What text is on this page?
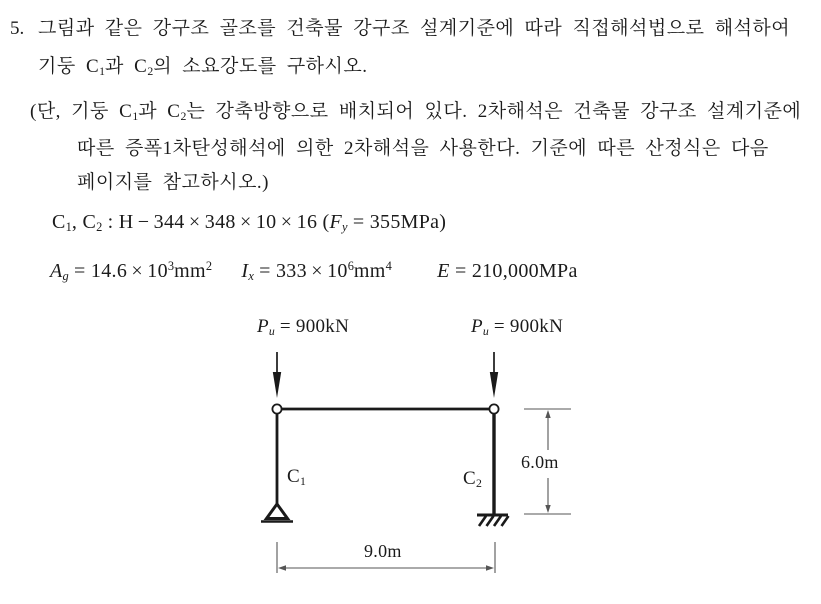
5. 그림과 같은 강구조 골조를 건축물 강구조 설계기준에 따라 직접해석법으로 해석하여
기둥 $C_1$과 $C_2$의 소요강도를 구하시오.
(단, 기둥 $C_1$과 $C_2$는 강축방향으로 배치되어 있다. 2차해석은 건축물 강구조 설계기준에
따른 증폭1차탄성해석에 의한 2차해석을 사용한다. 기준에 따른 산정식은 다음
페이지를 참고하시오.)
$C_1$, $C_2$ : H − 344 × 348 × 10 × 16 $(F_y = 355MPa)$
$A_g = 14.6 \times 10^3mm^2$ $I_x = 333 \times 10^6mm^4$ E = 210,000MPa
$P_u = 900kN$	$P_u = 900kN$
$C_1$	$C_2$
6.0m
9.0m
